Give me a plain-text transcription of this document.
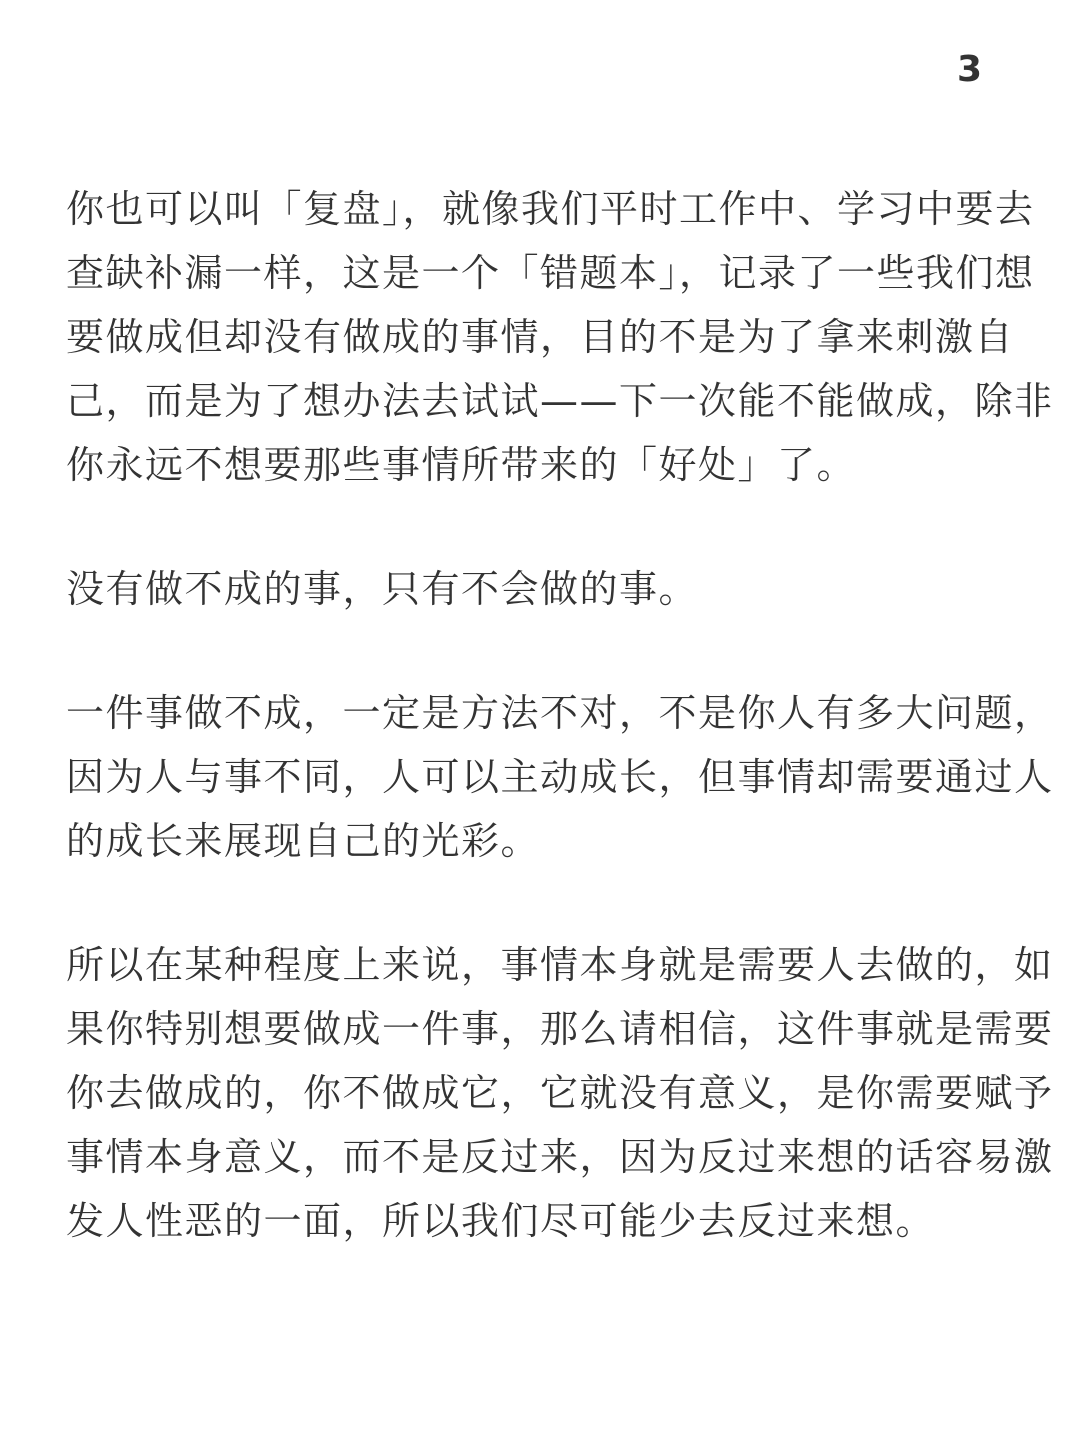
3

你也可以叫「复盘」，就像我们平时工作中、学习中要去
查缺补漏一样，这是一个「错题本」，记录了一些我们想
要做成但却没有做成的事情，目的不是为了拿来刺激自
己，而是为了想办法去试试——下一次能不能做成，除非
你永远不想要那些事情所带来的「好处」了。

没有做不成的事，只有不会做的事。

一件事做不成，一定是方法不对，不是你人有多大问题，
因为人与事不同，人可以主动成长，但事情却需要通过人
的成长来展现自己的光彩。

所以在某种程度上来说，事情本身就是需要人去做的，如
果你特别想要做成一件事，那么请相信，这件事就是需要
你去做成的，你不做成它，它就没有意义，是你需要赋予
事情本身意义，而不是反过来，因为反过来想的话容易激
发人性恶的一面，所以我们尽可能少去反过来想。
